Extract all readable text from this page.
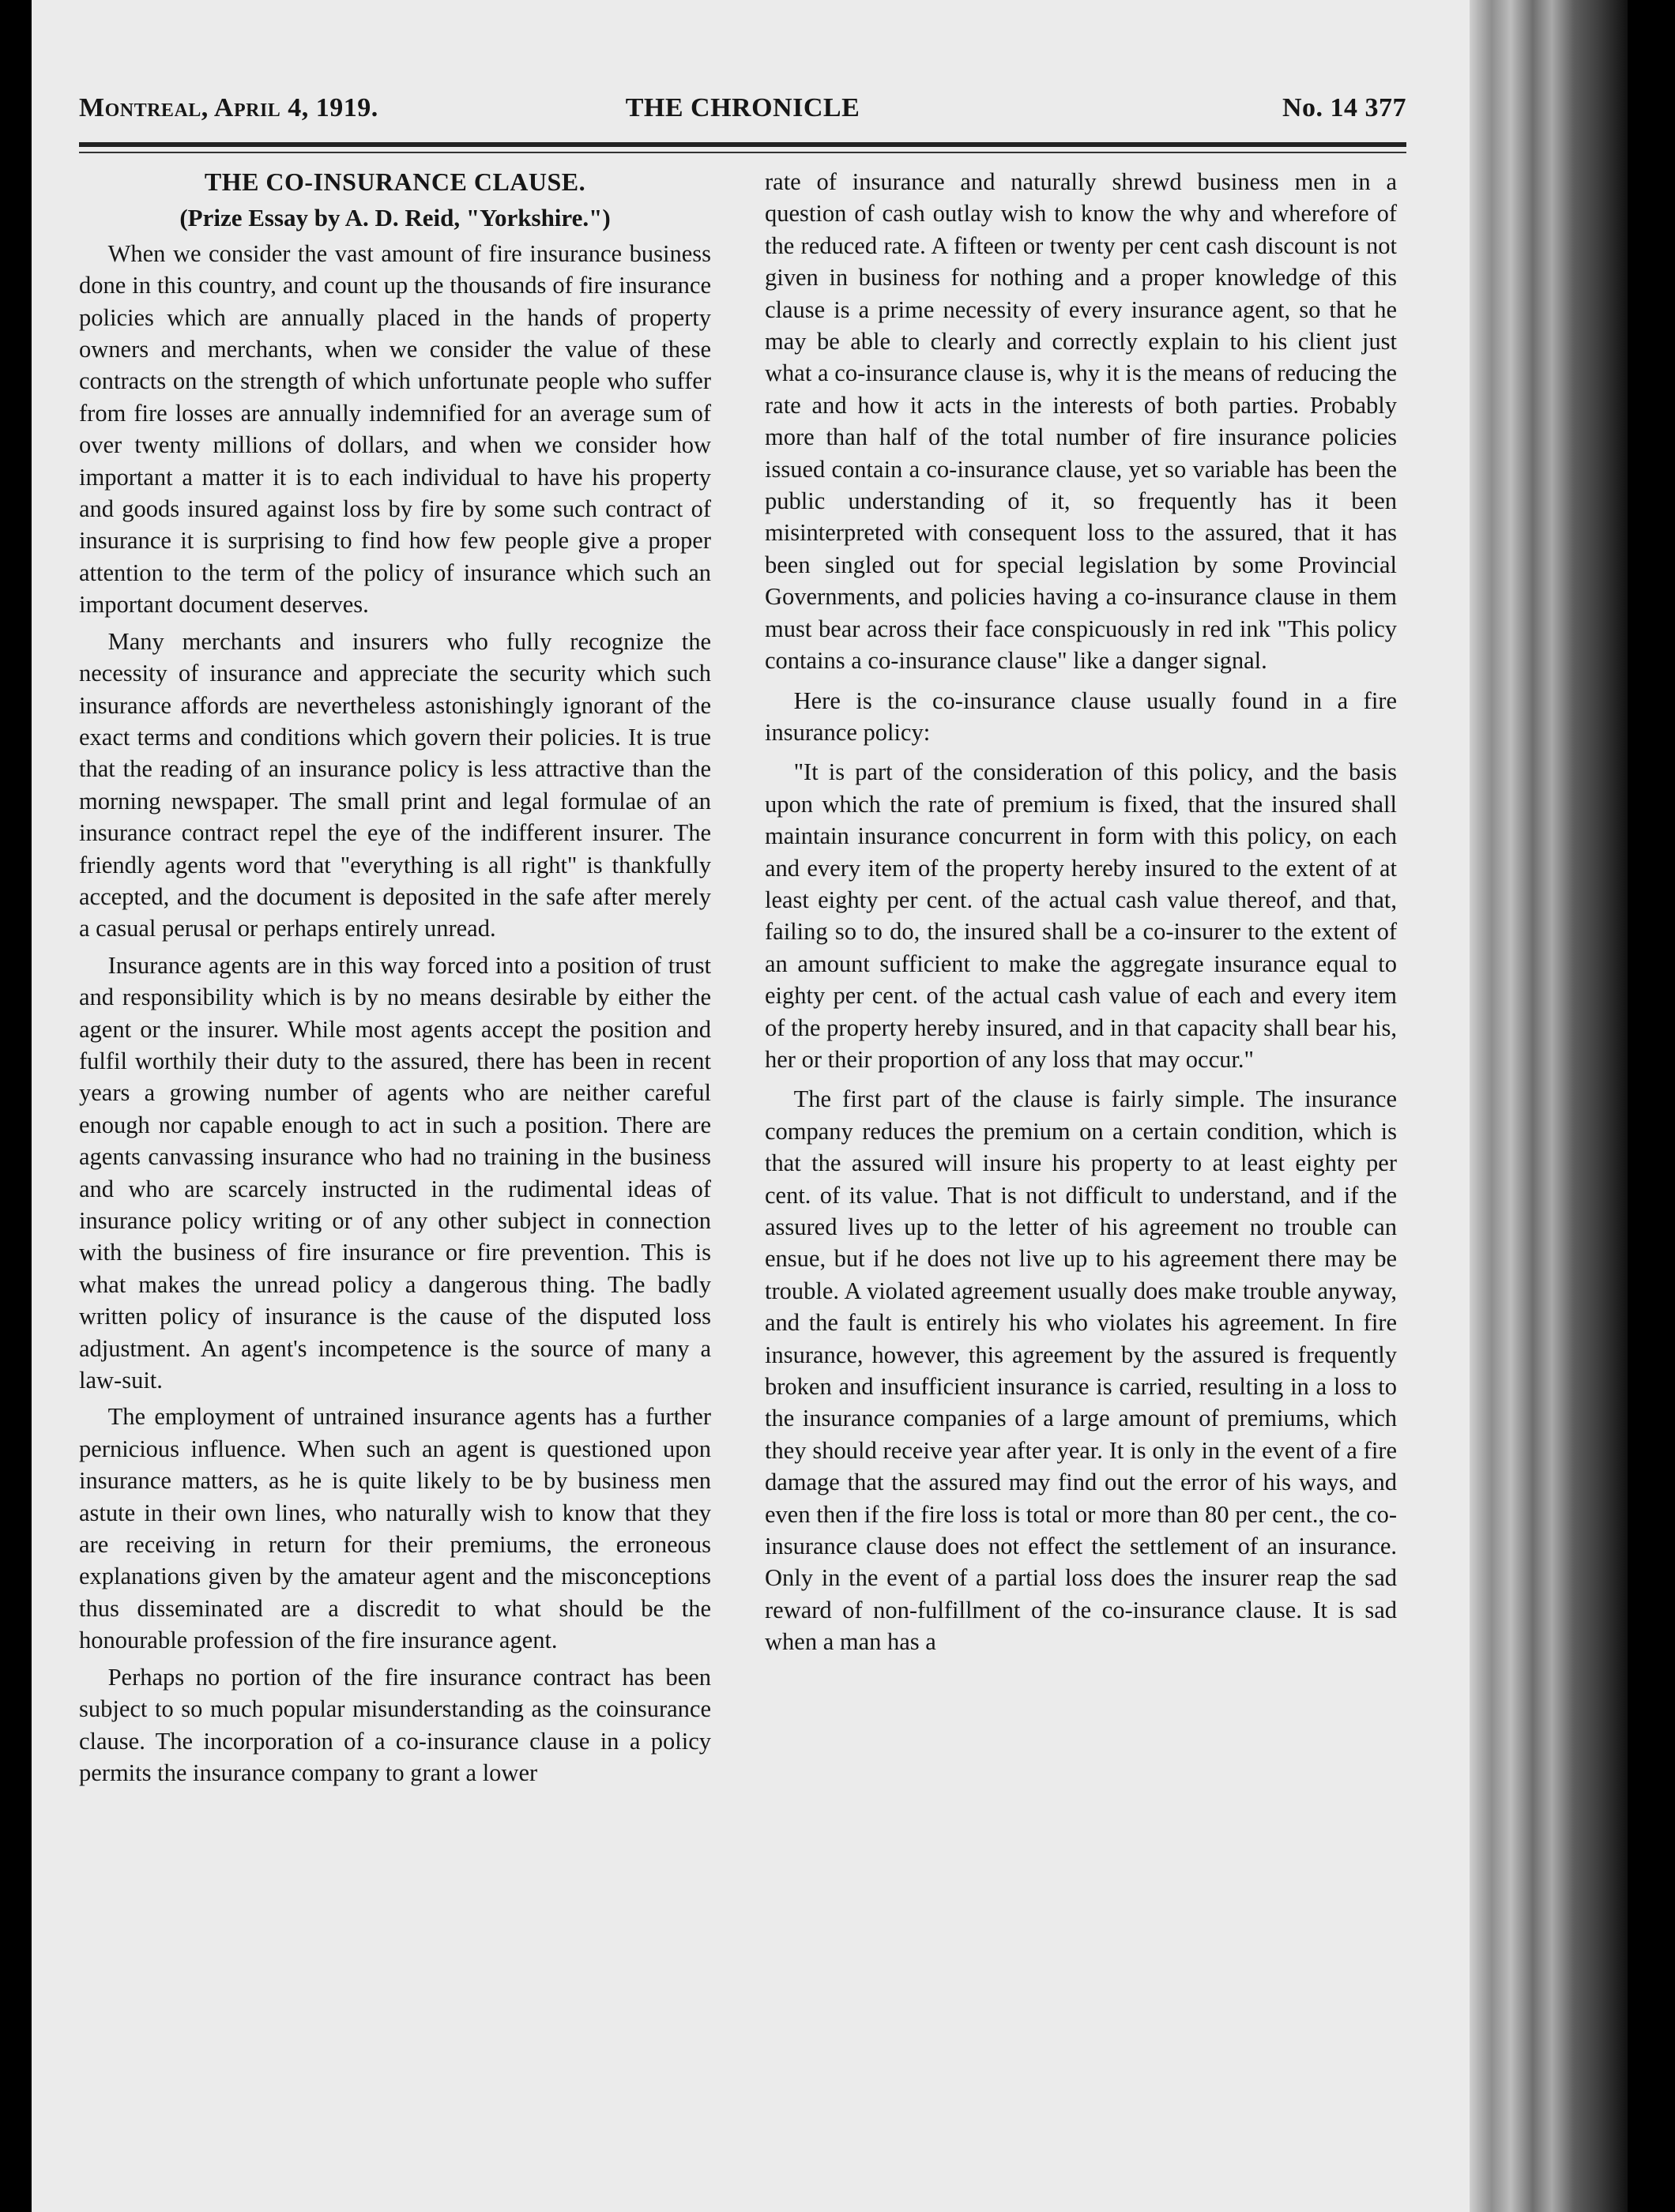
Montreal, April 4, 1919.	THE CHRONICLE	No. 14 377
THE CO-INSURANCE CLAUSE.
(Prize Essay by A. D. Reid, "Yorkshire.")

When we consider the vast amount of fire insurance business done in this country, and count up the thousands of fire insurance policies which are annually placed in the hands of property owners and merchants, when we consider the value of these contracts on the strength of which unfortunate people who suffer from fire losses are annually indemnified for an average sum of over twenty millions of dollars, and when we consider how important a matter it is to each individual to have his property and goods insured against loss by fire by some such contract of insurance it is surprising to find how few people give a proper attention to the term of the policy of insurance which such an important document deserves.

Many merchants and insurers who fully recognize the necessity of insurance and appreciate the security which such insurance affords are nevertheless astonishingly ignorant of the exact terms and conditions which govern their policies. It is true that the reading of an insurance policy is less attractive than the morning newspaper. The small print and legal formulae of an insurance contract repel the eye of the indifferent insurer. The friendly agents word that "everything is all right" is thankfully accepted, and the document is deposited in the safe after merely a casual perusal or perhaps entirely unread.

Insurance agents are in this way forced into a position of trust and responsibility which is by no means desirable by either the agent or the insurer. While most agents accept the position and fulfil worthily their duty to the assured, there has been in recent years a growing number of agents who are neither careful enough nor capable enough to act in such a position. There are agents canvassing insurance who had no training in the business and who are scarcely instructed in the rudimental ideas of insurance policy writing or of any other subject in connection with the business of fire insurance or fire prevention. This is what makes the unread policy a dangerous thing. The badly written policy of insurance is the cause of the disputed loss adjustment. An agent's incompetence is the source of many a law-suit.

The employment of untrained insurance agents has a further pernicious influence. When such an agent is questioned upon insurance matters, as he is quite likely to be by business men astute in their own lines, who naturally wish to know that they are receiving in return for their premiums, the erroneous explanations given by the amateur agent and the misconceptions thus disseminated are a discredit to what should be the honourable profession of the fire insurance agent.

Perhaps no portion of the fire insurance contract has been subject to so much popular misunderstanding as the coinsurance clause. The incorporation of a co-insurance clause in a policy permits the insurance company to grant a lower

rate of insurance and naturally shrewd business men in a question of cash outlay wish to know the why and wherefore of the reduced rate. A fifteen or twenty per cent cash discount is not given in business for nothing and a proper knowledge of this clause is a prime necessity of every insurance agent, so that he may be able to clearly and correctly explain to his client just what a co-insurance clause is, why it is the means of reducing the rate and how it acts in the interests of both parties. Probably more than half of the total number of fire insurance policies issued contain a co-insurance clause, yet so variable has been the public understanding of it, so frequently has it been misinterpreted with consequent loss to the assured, that it has been singled out for special legislation by some Provincial Governments, and policies having a co-insurance clause in them must bear across their face conspicuously in red ink "This policy contains a co-insurance clause" like a danger signal.

Here is the co-insurance clause usually found in a fire insurance policy:

"It is part of the consideration of this policy, and the basis upon which the rate of premium is fixed, that the insured shall maintain insurance concurrent in form with this policy, on each and every item of the property hereby insured to the extent of at least eighty per cent. of the actual cash value thereof, and that, failing so to do, the insured shall be a co-insurer to the extent of an amount sufficient to make the aggregate insurance equal to eighty per cent. of the actual cash value of each and every item of the property hereby insured, and in that capacity shall bear his, her or their proportion of any loss that may occur."

The first part of the clause is fairly simple. The insurance company reduces the premium on a certain condition, which is that the assured will insure his property to at least eighty per cent. of its value. That is not difficult to understand, and if the assured lives up to the letter of his agreement no trouble can ensue, but if he does not live up to his agreement there may be trouble. A violated agreement usually does make trouble anyway, and the fault is entirely his who violates his agreement. In fire insurance, however, this agreement by the assured is frequently broken and insufficient insurance is carried, resulting in a loss to the insurance companies of a large amount of premiums, which they should receive year after year. It is only in the event of a fire damage that the assured may find out the error of his ways, and even then if the fire loss is total or more than 80 per cent., the co-insurance clause does not effect the settlement of an insurance. Only in the event of a partial loss does the insurer reap the sad reward of non-fulfillment of the co-insurance clause. It is sad when a man has a
